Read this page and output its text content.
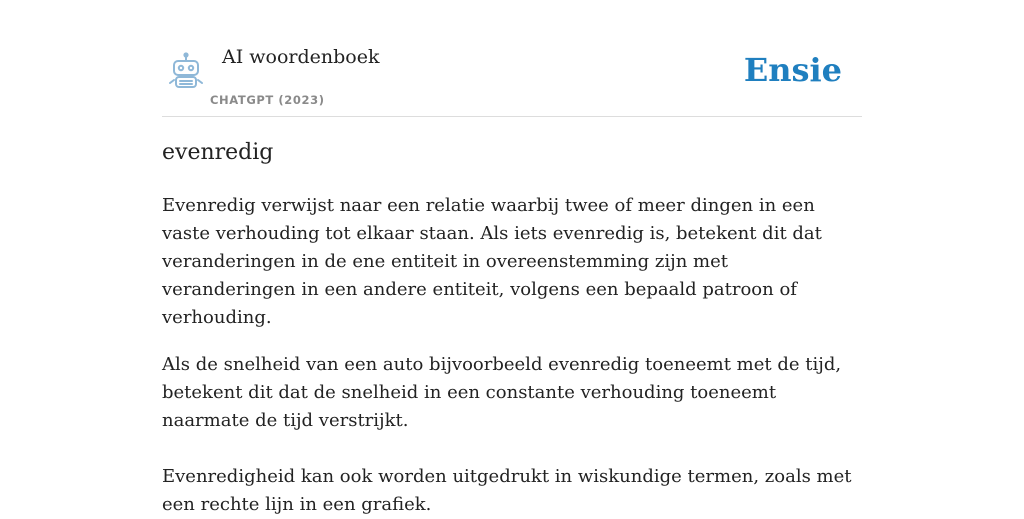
AI woordenboek
CHATGPT (2023)
Ensie
evenredig

Evenredig verwijst naar een relatie waarbij twee of meer dingen in een vaste verhouding tot elkaar staan. Als iets evenredig is, betekent dit dat veranderingen in de ene entiteit in overeenstemming zijn met veranderingen in een andere entiteit, volgens een bepaald patroon of verhouding.

Als de snelheid van een auto bijvoorbeeld evenredig toeneemt met de tijd, betekent dit dat de snelheid in een constante verhouding toeneemt naarmate de tijd verstrijkt.

Evenredigheid kan ook worden uitgedrukt in wiskundige termen, zoals met een rechte lijn in een grafiek.
